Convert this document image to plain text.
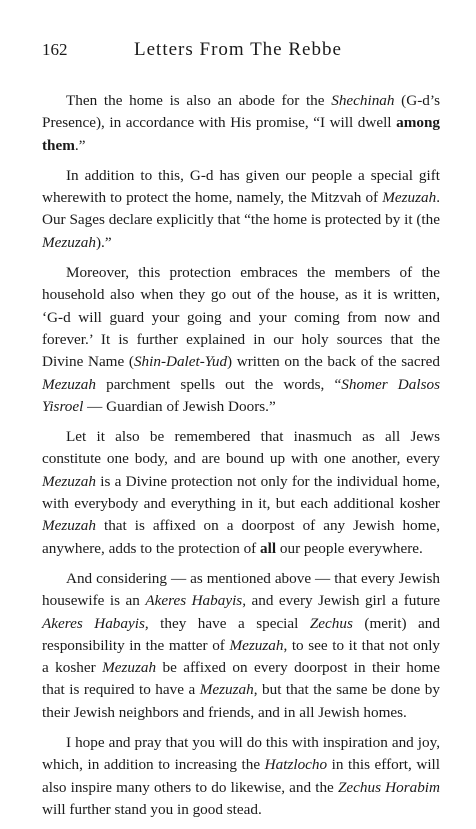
162	Letters From The Rebbe

Then the home is also an abode for the Shechinah (G-d’s Presence), in accordance with His promise, “I will dwell among them.”

In addition to this, G-d has given our people a special gift wherewith to protect the home, namely, the Mitzvah of Mezuzah. Our Sages declare explicitly that “the home is protected by it (the Mezuzah).”

Moreover, this protection embraces the members of the household also when they go out of the house, as it is written, ‘G-d will guard your going and your coming from now and forever.’ It is further explained in our holy sources that the Divine Name (Shin-Dalet-Yud) written on the back of the sacred Mezuzah parchment spells out the words, “Shomer Dalsos Yisroel — Guardian of Jewish Doors.”

Let it also be remembered that inasmuch as all Jews constitute one body, and are bound up with one another, every Mezuzah is a Divine protection not only for the individual home, with everybody and everything in it, but each additional kosher Mezuzah that is affixed on a doorpost of any Jewish home, anywhere, adds to the protection of all our people everywhere.

And considering — as mentioned above — that every Jewish housewife is an Akeres Habayis, and every Jewish girl a future Akeres Habayis, they have a special Zechus (merit) and responsibility in the matter of Mezuzah, to see to it that not only a kosher Mezuzah be affixed on every doorpost in their home that is required to have a Mezuzah, but that the same be done by their Jewish neighbors and friends, and in all Jewish homes.

I hope and pray that you will do this with inspiration and joy, which, in addition to increasing the Hatzlocho in this effort, will also inspire many others to do likewise, and the Zechus Horabim will further stand you in good stead.
